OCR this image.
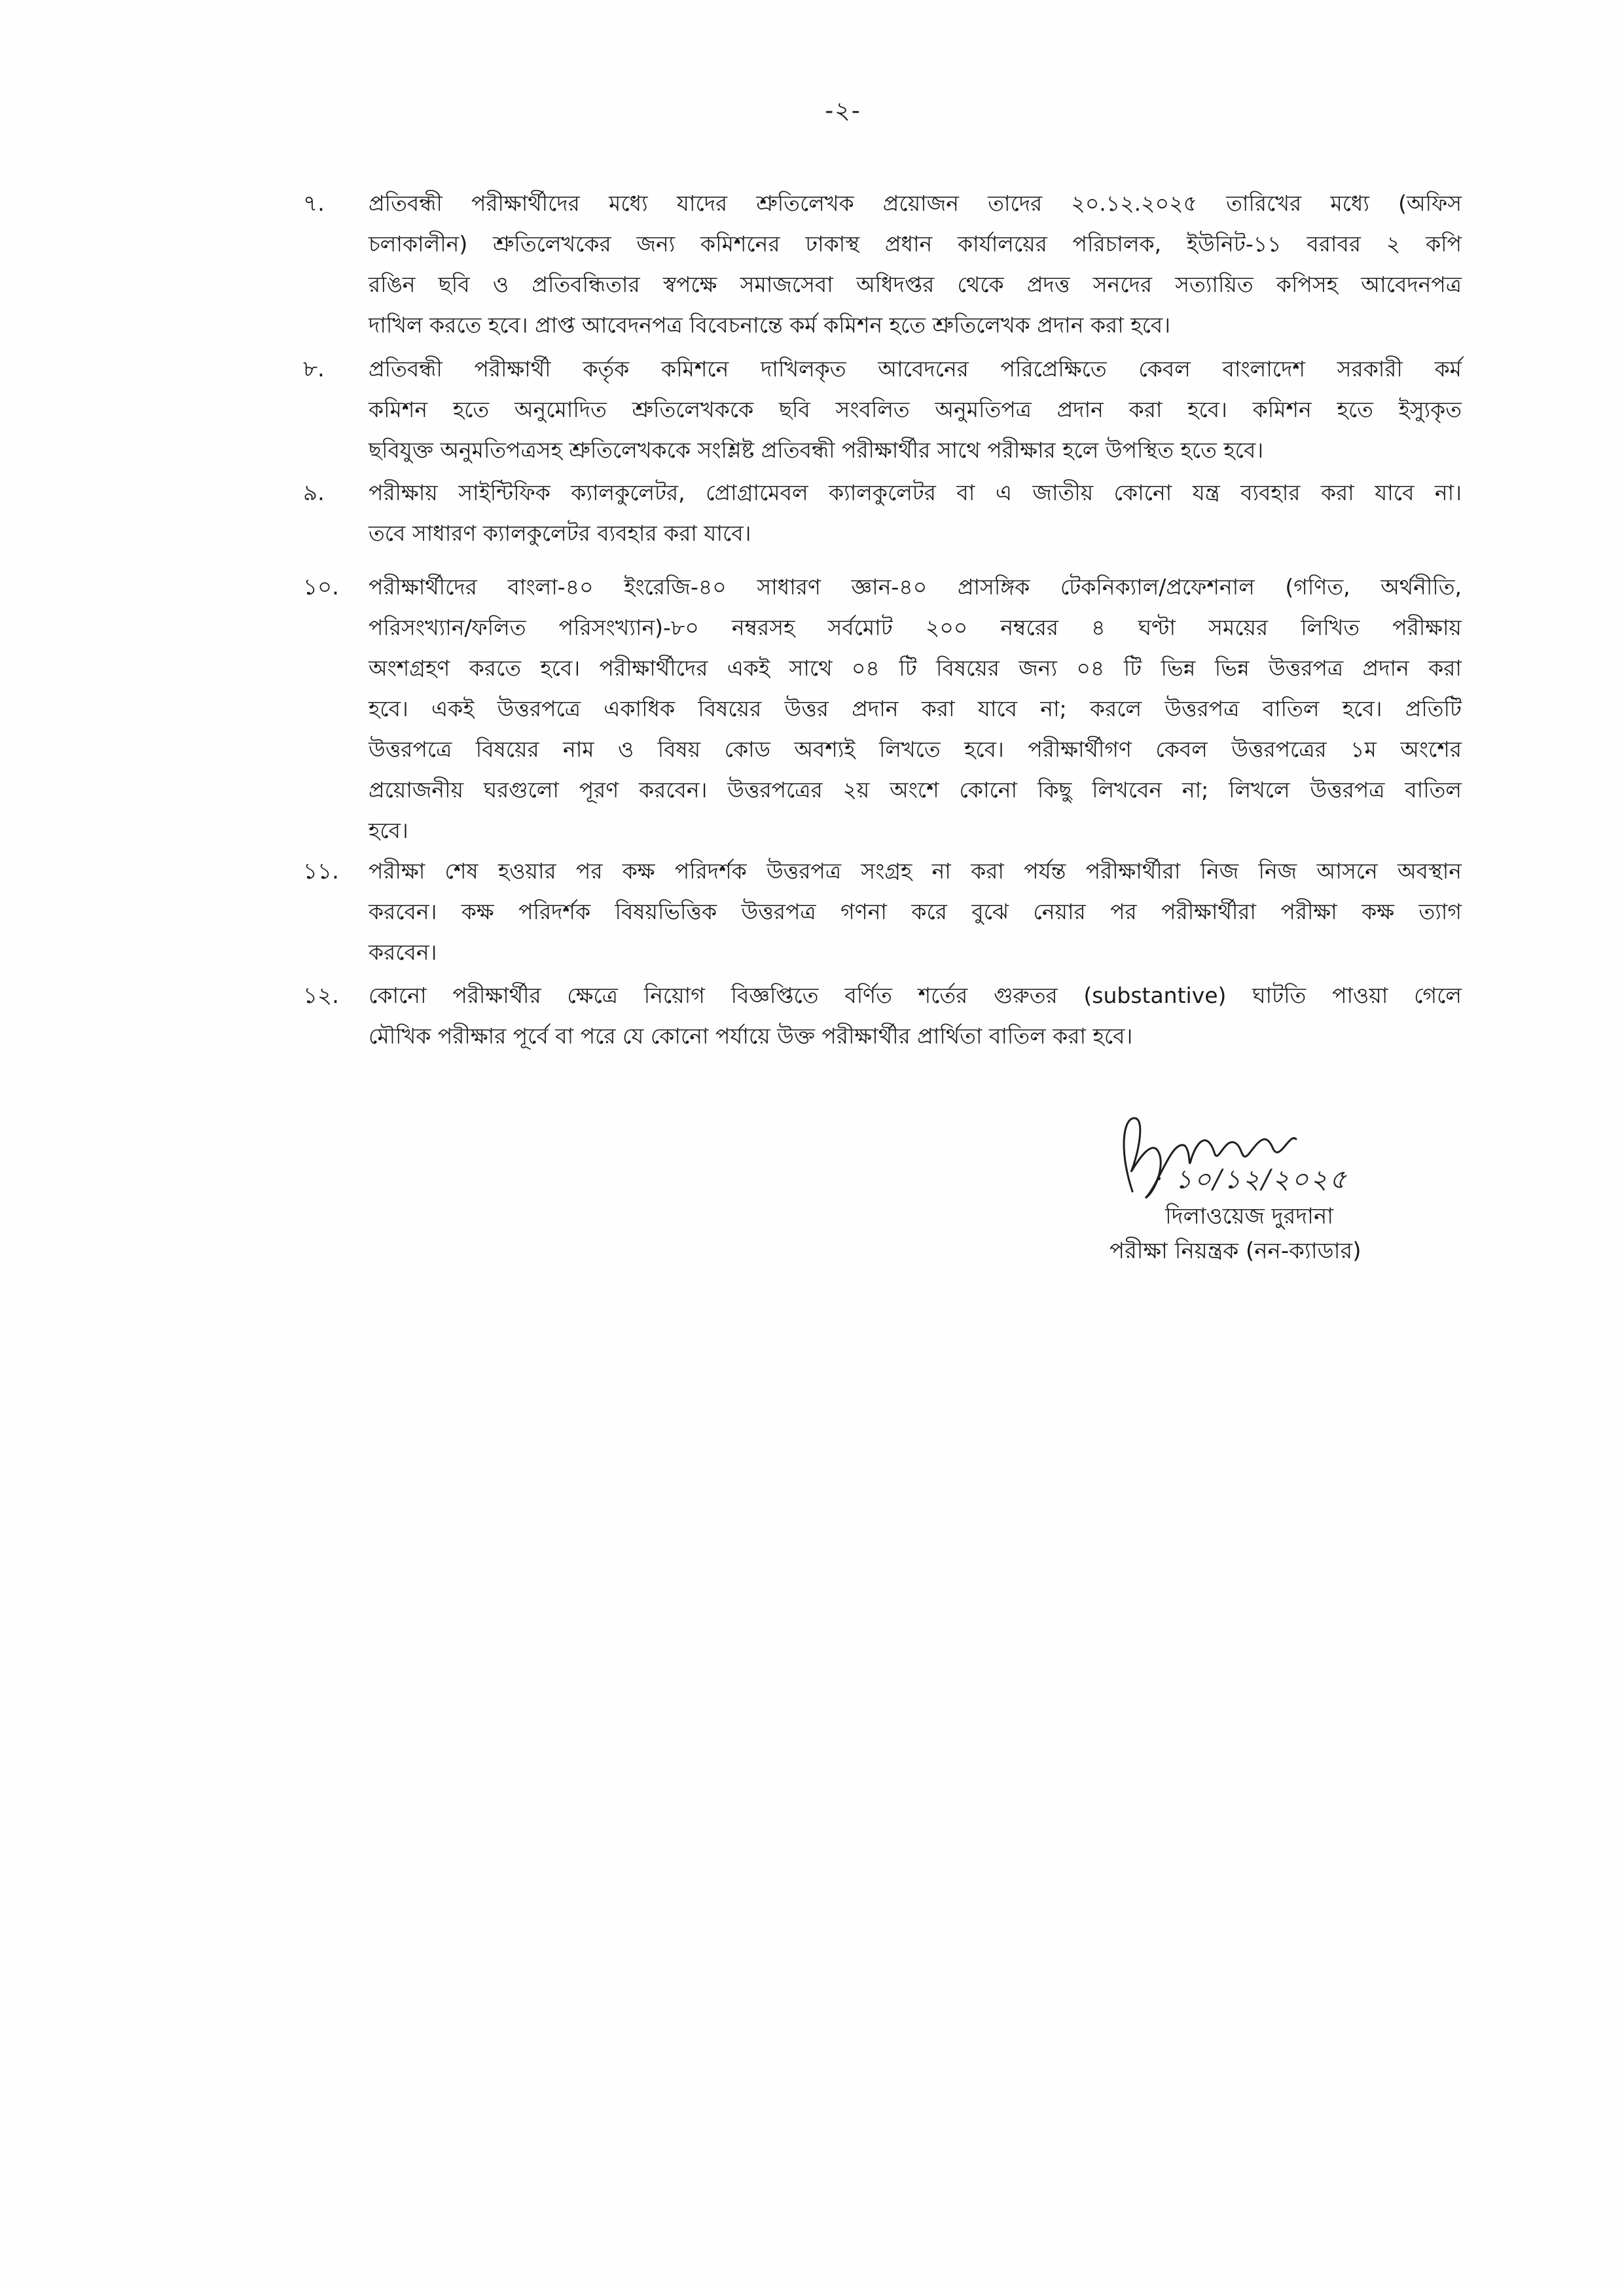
-২-
৭.	প্রতিবন্ধী পরীক্ষার্থীদের মধ্যে যাদের শ্রুতিলেখক প্রয়োজন তাদের ২০.১২.২০২৫ তারিখের মধ্যে (অফিস
চলাকালীন) শ্রুতিলেখকের জন্য কমিশনের ঢাকাস্থ প্রধান কার্যালয়ের পরিচালক, ইউনিট-১১ বরাবর ২ কপি
রঙিন ছবি ও প্রতিবন্ধিতার স্বপক্ষে সমাজসেবা অধিদপ্তর থেকে প্রদত্ত সনদের সত্যায়িত কপিসহ আবেদনপত্র
দাখিল করতে হবে। প্রাপ্ত আবেদনপত্র বিবেচনান্তে কর্ম কমিশন হতে শ্রুতিলেখক প্রদান করা হবে।
৮.	প্রতিবন্ধী পরীক্ষার্থী কর্তৃক কমিশনে দাখিলকৃত আবেদনের পরিপ্রেক্ষিতে কেবল বাংলাদেশ সরকারী কর্ম
কমিশন হতে অনুমোদিত শ্রুতিলেখককে ছবি সংবলিত অনুমতিপত্র প্রদান করা হবে। কমিশন হতে ইস্যুকৃত
ছবিযুক্ত অনুমতিপত্রসহ শ্রুতিলেখককে সংশ্লিষ্ট প্রতিবন্ধী পরীক্ষার্থীর সাথে পরীক্ষার হলে উপস্থিত হতে হবে।
৯.	পরীক্ষায় সাইন্টিফিক ক্যালকুলেটর, প্রোগ্রামেবল ক্যালকুলেটর বা এ জাতীয় কোনো যন্ত্র ব্যবহার করা যাবে না।
তবে সাধারণ ক্যালকুলেটর ব্যবহার করা যাবে।
১০.	পরীক্ষার্থীদের বাংলা-৪০ ইংরেজি-৪০ সাধারণ জ্ঞান-৪০ প্রাসঙ্গিক টেকনিক্যাল/প্রফেশনাল (গণিত, অর্থনীতি,
পরিসংখ্যান/ফলিত পরিসংখ্যান)-৮০ নম্বরসহ সর্বমোট ২০০ নম্বরের ৪ ঘণ্টা সময়ের লিখিত পরীক্ষায়
অংশগ্রহণ করতে হবে। পরীক্ষার্থীদের একই সাথে ০৪ টি বিষয়ের জন্য ০৪ টি ভিন্ন ভিন্ন উত্তরপত্র প্রদান করা
হবে। একই উত্তরপত্রে একাধিক বিষয়ের উত্তর প্রদান করা যাবে না; করলে উত্তরপত্র বাতিল হবে। প্রতিটি
উত্তরপত্রে বিষয়ের নাম ও বিষয় কোড অবশ্যই লিখতে হবে। পরীক্ষার্থীগণ কেবল উত্তরপত্রের ১ম অংশের
প্রয়োজনীয় ঘরগুলো পূরণ করবেন। উত্তরপত্রের ২য় অংশে কোনো কিছু লিখবেন না; লিখলে উত্তরপত্র বাতিল
হবে।
১১.	পরীক্ষা শেষ হওয়ার পর কক্ষ পরিদর্শক উত্তরপত্র সংগ্রহ না করা পর্যন্ত পরীক্ষার্থীরা নিজ নিজ আসনে অবস্থান
করবেন। কক্ষ পরিদর্শক বিষয়ভিত্তিক উত্তরপত্র গণনা করে বুঝে নেয়ার পর পরীক্ষার্থীরা পরীক্ষা কক্ষ ত্যাগ
করবেন।
১২.	কোনো পরীক্ষার্থীর ক্ষেত্রে নিয়োগ বিজ্ঞপ্তিতে বর্ণিত শর্তের গুরুতর (substantive) ঘাটতি পাওয়া গেলে
মৌখিক পরীক্ষার পূর্বে বা পরে যে কোনো পর্যায়ে উক্ত পরীক্ষার্থীর প্রার্থিতা বাতিল করা হবে।
১০/১২/২০২৫
দিলাওয়েজ দুরদানা
পরীক্ষা নিয়ন্ত্রক (নন-ক্যাডার)
